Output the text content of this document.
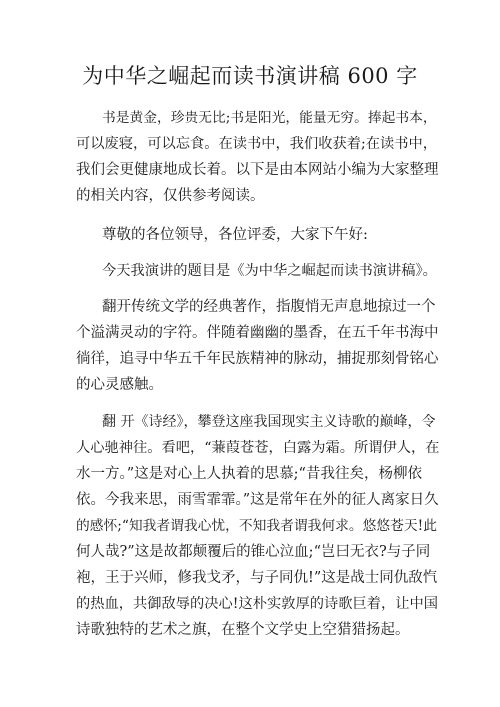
为中华之崛起而读书演讲稿 600 字

书是黄金，珍贵无比;书是阳光，能量无穷。捧起书本，

可以废寝，可以忘食。在读书中，我们收获着;在读书中，

我们会更健康地成长着。以下是由本网站小编为大家整理

的相关内容，仅供参考阅读。

尊敬的各位领导，各位评委，大家下午好:

今天我演讲的题目是《为中华之崛起而读书演讲稿》。

翻开传统文学的经典著作，指腹悄无声息地掠过一个

个溢满灵动的字符。伴随着幽幽的墨香，在五千年书海中

徜徉，追寻中华五千年民族精神的脉动，捕捉那刻骨铭心

的心灵感触。

翻 开《诗经》，攀登这座我国现实主义诗歌的巅峰，令

人心驰神往。看吧，“蒹葭苍苍，白露为霜。所谓伊人，在

水一方。”这是对心上人执着的思慕;“昔我往矣，杨柳依

依。今我来思，雨雪霏霏。”这是常年在外的征人离家日久

的感怀;“知我者谓我心忧，不知我者谓我何求。悠悠苍天!此

何人哉?”这是故都颠覆后的锥心泣血;“岂曰无衣?与子同

袍，王于兴师，修我戈矛，与子同仇!”这是战士同仇敌忾

的热血，共御敌辱的决心!这朴实敦厚的诗歌巨着，让中国

诗歌独特的艺术之旗，在整个文学史上空猎猎扬起。
